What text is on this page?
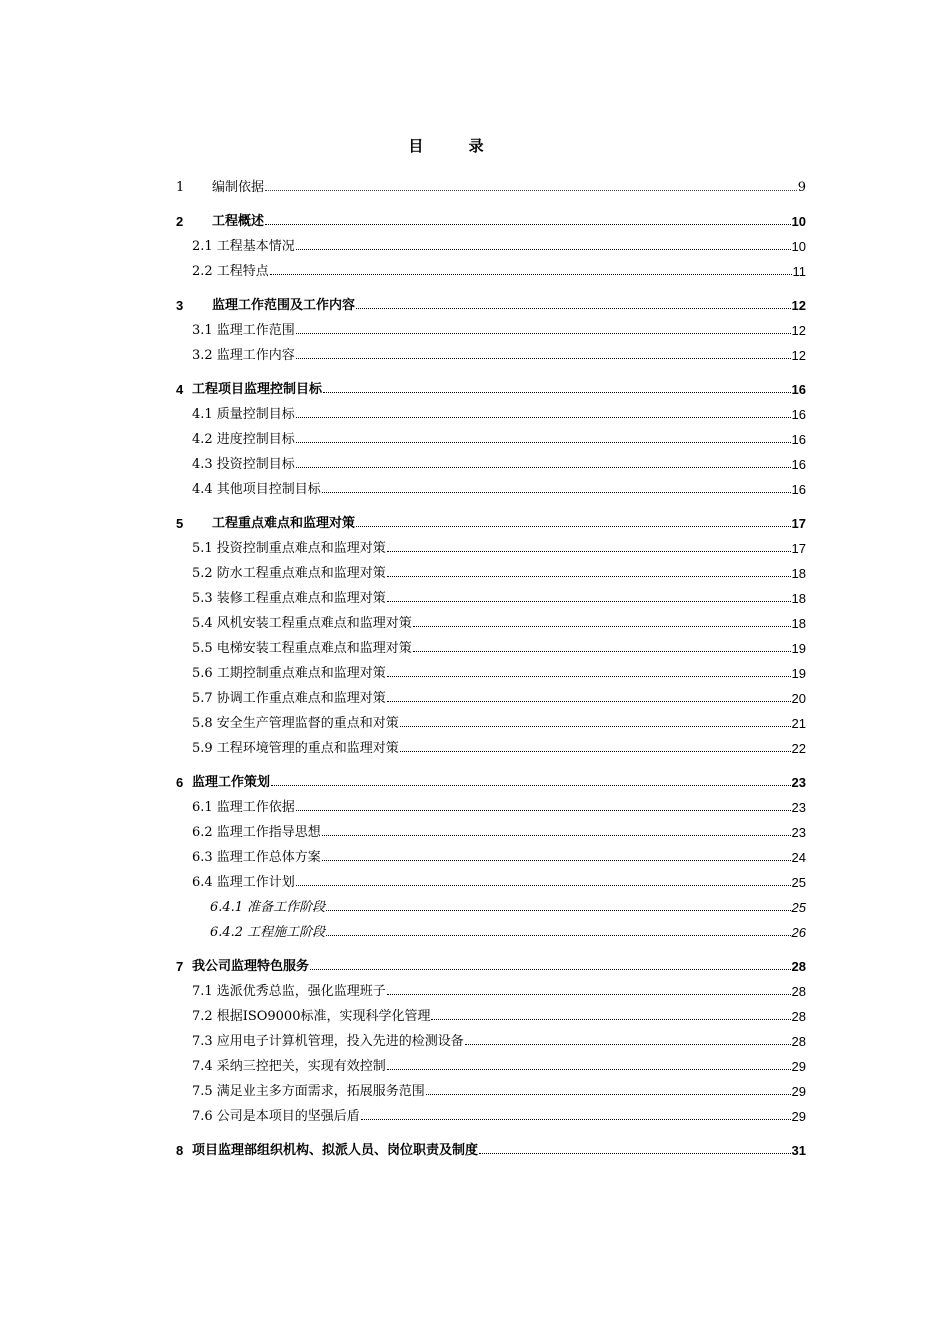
目 录
1	编制依据	9
2	工程概述	10
2.1 工程基本情况	10
2.2 工程特点	11
3	监理工作范围及工作内容	12
3.1 监理工作范围	12
3.2 监理工作内容	12
4 工程项目监理控制目标	16
4.1 质量控制目标	16
4.2 进度控制目标	16
4.3 投资控制目标	16
4.4 其他项目控制目标	16
5	工程重点难点和监理对策	17
5.1 投资控制重点难点和监理对策	17
5.2 防水工程重点难点和监理对策	18
5.3 装修工程重点难点和监理对策	18
5.4 风机安装工程重点难点和监理对策	18
5.5 电梯安装工程重点难点和监理对策	19
5.6 工期控制重点难点和监理对策	19
5.7 协调工作重点难点和监理对策	20
5.8 安全生产管理监督的重点和对策	21
5.9 工程环境管理的重点和监理对策	22
6 监理工作策划	23
6.1 监理工作依据	23
6.2 监理工作指导思想	23
6.3 监理工作总体方案	24
6.4 监理工作计划	25
6.4.1 准备工作阶段	25
6.4.2 工程施工阶段	26
7 我公司监理特色服务	28
7.1 选派优秀总监，强化监理班子	28
7.2 根据ISO9000标准，实现科学化管理	28
7.3 应用电子计算机管理，投入先进的检测设备	28
7.4 采纳三控把关，实现有效控制	29
7.5 满足业主多方面需求，拓展服务范围	29
7.6 公司是本项目的坚强后盾	29
8 项目监理部组织机构、拟派人员、岗位职责及制度	31
